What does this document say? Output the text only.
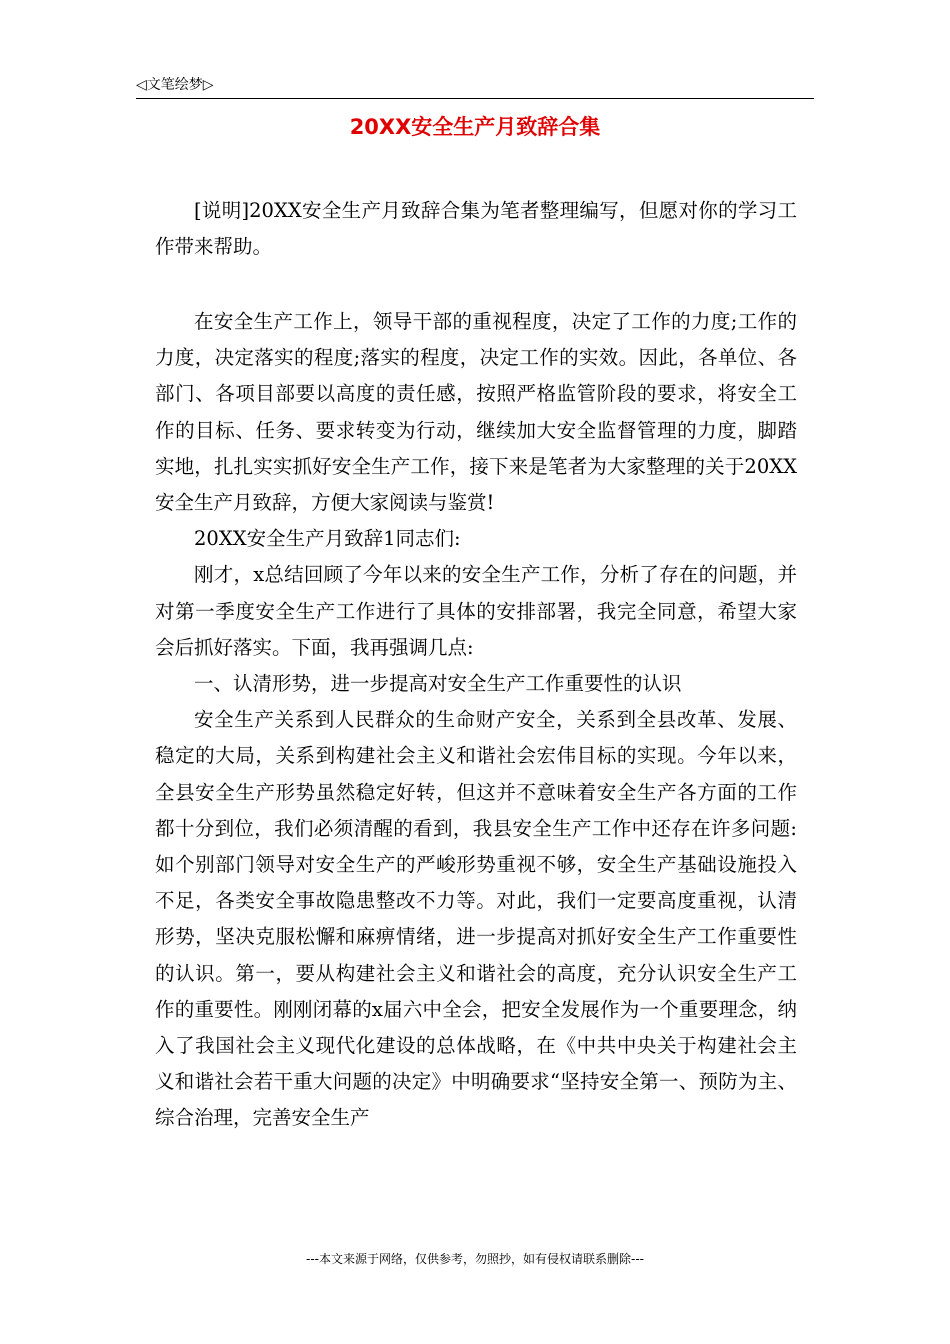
◁文笔绘梦▷
20XX安全生产月致辞合集

[说明]20XX安全生产月致辞合集为笔者整理编写，但愿对你的学习工作带来帮助。

在安全生产工作上，领导干部的重视程度，决定了工作的力度;工作的力度，决定落实的程度;落实的程度，决定工作的实效。因此，各单位、各部门、各项目部要以高度的责任感，按照严格监管阶段的要求，将安全工作的目标、任务、要求转变为行动，继续加大安全监督管理的力度，脚踏实地，扎扎实实抓好安全生产工作，接下来是笔者为大家整理的关于20XX安全生产月致辞，方便大家阅读与鉴赏!

20XX安全生产月致辞1同志们:

刚才，x总结回顾了今年以来的安全生产工作，分析了存在的问题，并对第一季度安全生产工作进行了具体的安排部署，我完全同意，希望大家会后抓好落实。下面，我再强调几点:

一、认清形势，进一步提高对安全生产工作重要性的认识

安全生产关系到人民群众的生命财产安全，关系到全县改革、发展、稳定的大局，关系到构建社会主义和谐社会宏伟目标的实现。今年以来，全县安全生产形势虽然稳定好转，但这并不意味着安全生产各方面的工作都十分到位，我们必须清醒的看到，我县安全生产工作中还存在许多问题:如个别部门领导对安全生产的严峻形势重视不够，安全生产基础设施投入不足，各类安全事故隐患整改不力等。对此，我们一定要高度重视，认清形势，坚决克服松懈和麻痹情绪，进一步提高对抓好安全生产工作重要性的认识。第一，要从构建社会主义和谐社会的高度，充分认识安全生产工作的重要性。刚刚闭幕的x届六中全会，把安全发展作为一个重要理念，纳入了我国社会主义现代化建设的总体战略，在《中共中央关于构建社会主义和谐社会若干重大问题的决定》中明确要求“坚持安全第一、预防为主、综合治理，完善安全生产

---本文来源于网络，仅供参考，勿照抄，如有侵权请联系删除---
